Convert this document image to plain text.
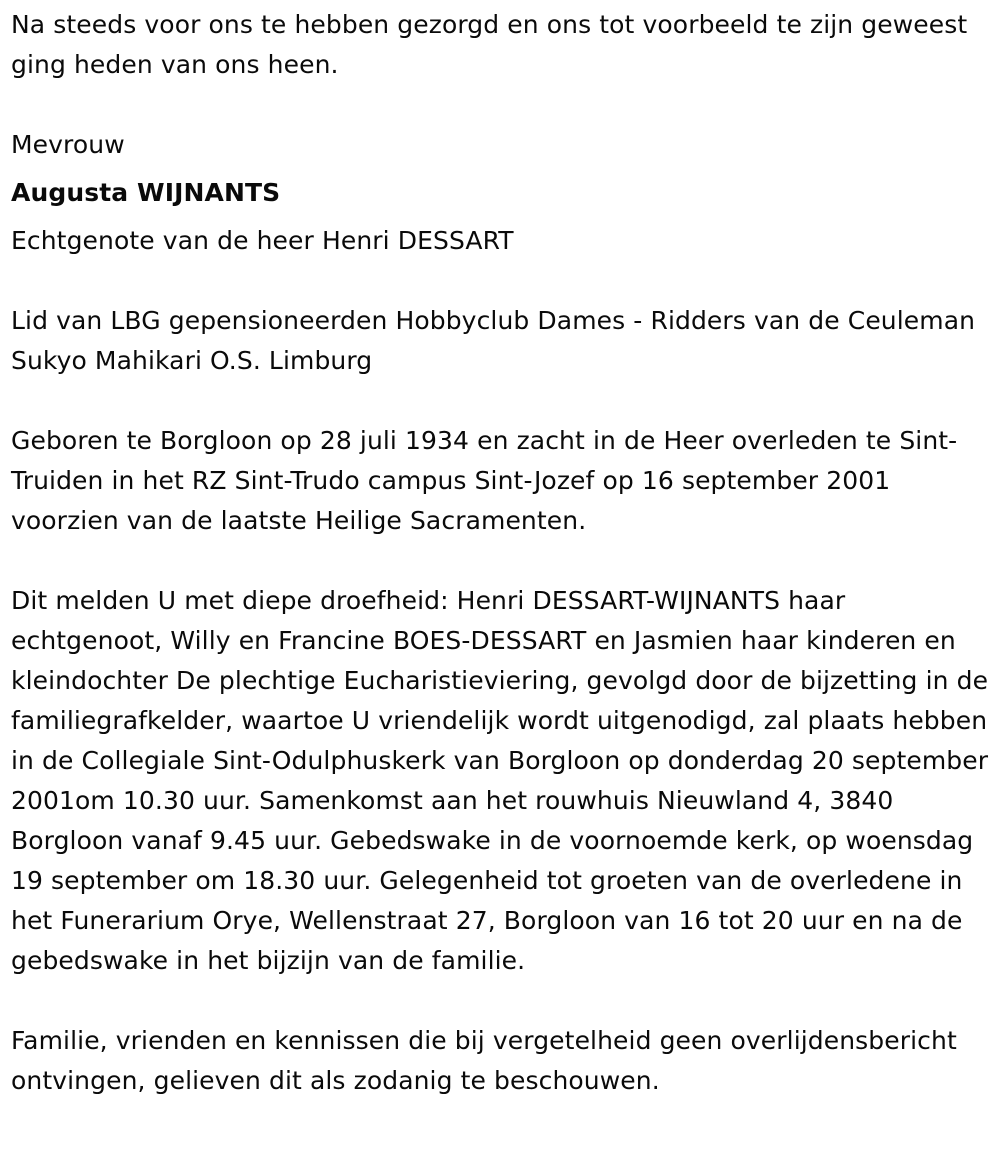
Na steeds voor ons te hebben gezorgd en ons tot voorbeeld te zijn geweest ging heden van ons heen.

Mevrouw

Augusta WIJNANTS

Echtgenote van de heer Henri DESSART

Lid van LBG gepensioneerden Hobbyclub Dames - Ridders van de Ceuleman Sukyo Mahikari O.S. Limburg

Geboren te Borgloon op 28 juli 1934 en zacht in de Heer overleden te Sint-Truiden in het RZ Sint-Trudo campus Sint-Jozef op 16 september 2001 voorzien van de laatste Heilige Sacramenten.

Dit melden U met diepe droefheid: Henri DESSART-WIJNANTS haar echtgenoot, Willy en Francine BOES-DESSART en Jasmien haar kinderen en kleindochter De plechtige Eucharistieviering, gevolgd door de bijzetting in de familiegrafkelder, waartoe U vriendelijk wordt uitgenodigd, zal plaats hebben in de Collegiale Sint-Odulphuskerk van Borgloon op donderdag 20 september 2001om 10.30 uur. Samenkomst aan het rouwhuis Nieuwland 4, 3840 Borgloon vanaf 9.45 uur. Gebedswake in de voornoemde kerk, op woensdag 19 september om 18.30 uur. Gelegenheid tot groeten van de overledene in het Funerarium Orye, Wellenstraat 27, Borgloon van 16 tot 20 uur en na de gebedswake in het bijzijn van de familie.

Familie, vrienden en kennissen die bij vergetelheid geen overlijdensbericht ontvingen, gelieven dit als zodanig te beschouwen.
